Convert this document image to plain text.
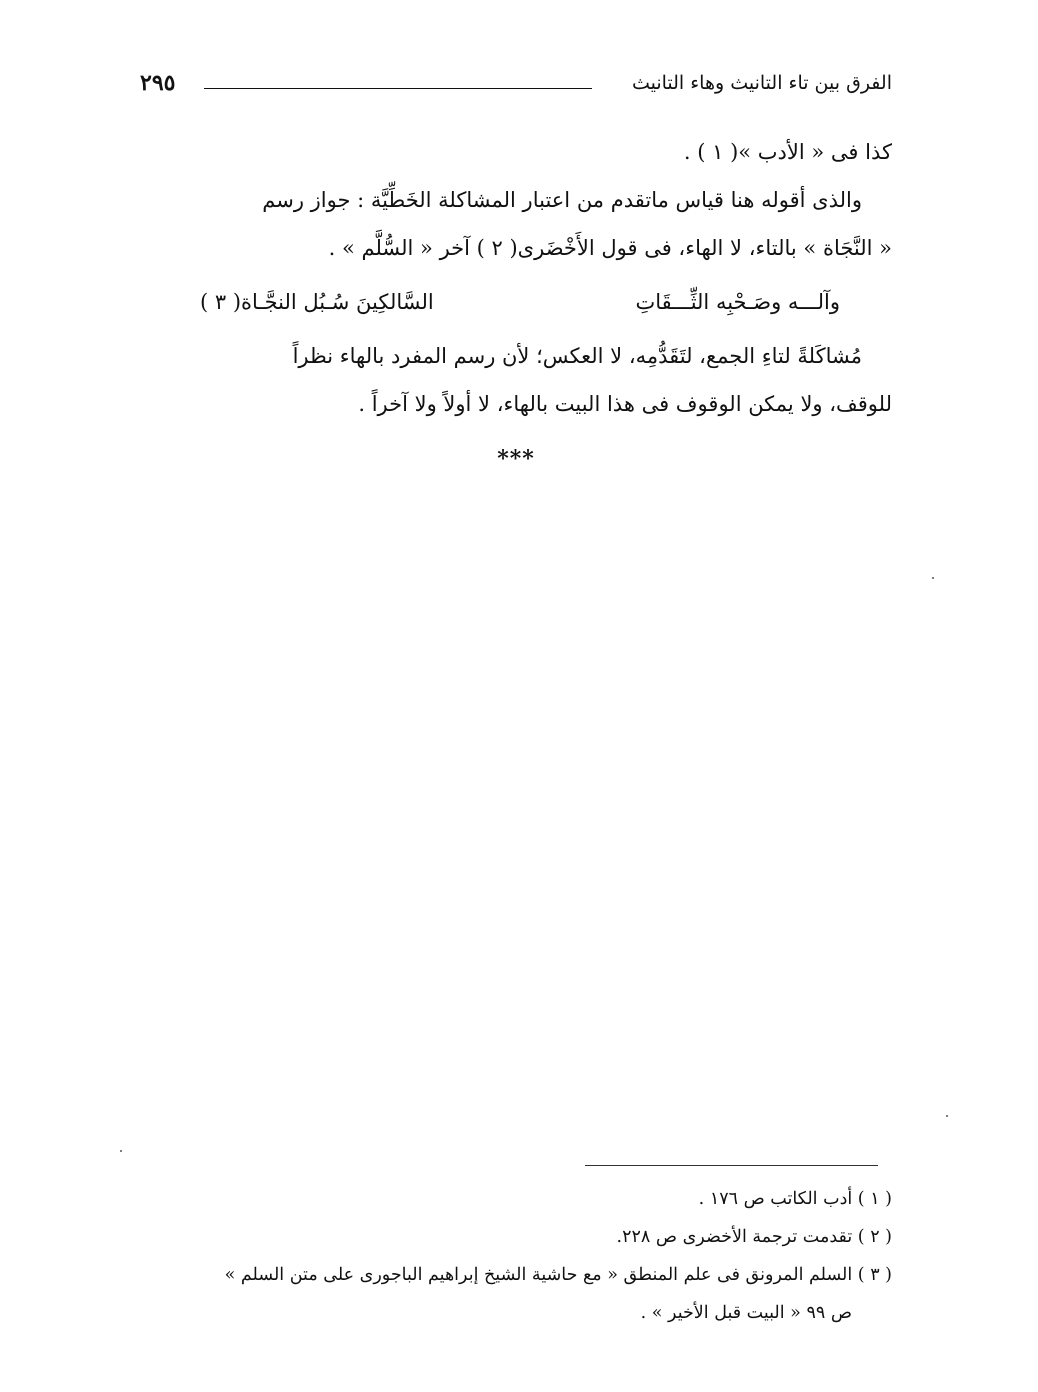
٢٩٥	الفرق بين تاء التانيث وهاء التانيث
كذا فى « الأدب »( ١ ) .
والذى أقوله هنا قياس ماتقدم من اعتبار المشاكلة الخَطِّيَّة : جواز رسم
« النَّجَاة » بالتاء، لا الهاء، فى قول الأَخْضَرى( ٢ ) آخر « السُّلَّم » .
وآلـــه وصَـحْبِه الثِّـــقَاتِ
السَّالكِينَ سُـبُل النجَّـاة( ٣ )
مُشاكَلةً لتاءِ الجمع، لتَقَدُّمِه، لا العكس؛ لأن رسم المفرد بالهاء نظراً
للوقف، ولا يمكن الوقوف فى هذا البيت بالهاء، لا أولاً ولا آخراً .
***
( ١ ) أدب الكاتب ص ١٧٦ .
( ٢ ) تقدمت ترجمة الأخضرى ص ٢٢٨.
( ٣ ) السلم المرونق فى علم المنطق « مع حاشية الشيخ إبراهيم الباجورى على متن السلم »
ص ٩٩ « البيت قبل الأخير » .
